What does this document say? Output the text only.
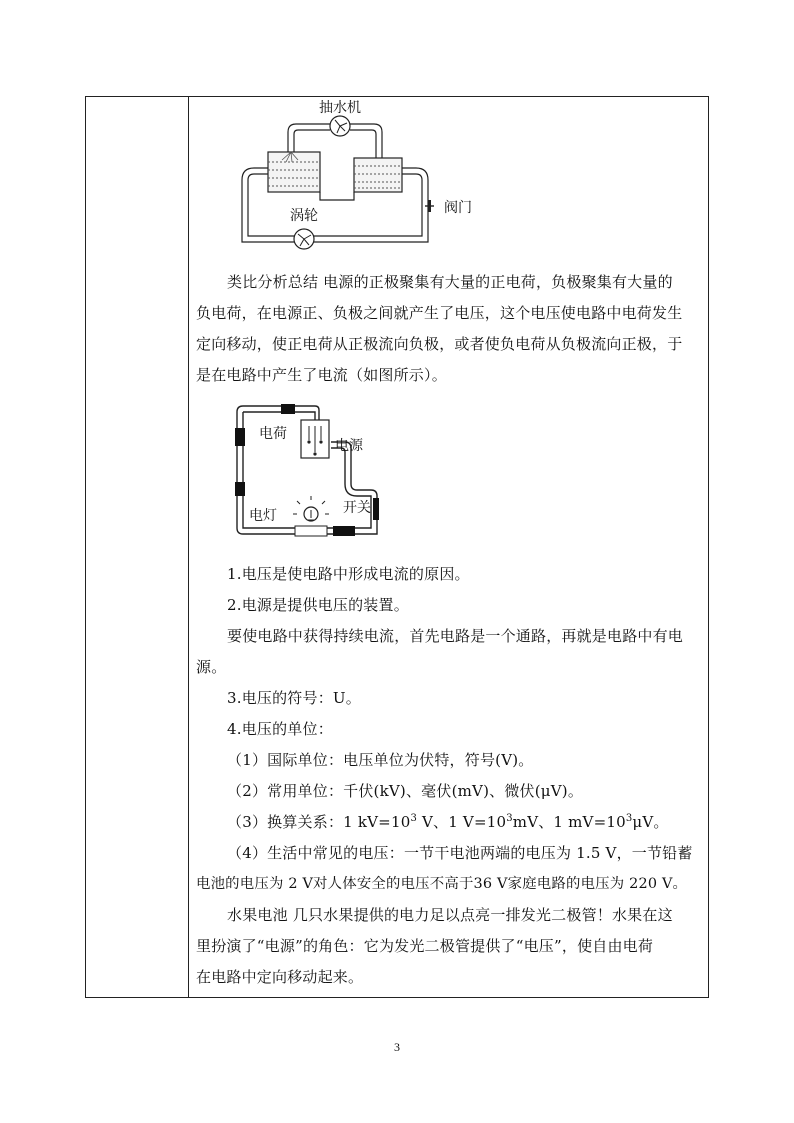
抽水机
涡轮	阀门
类比分析总结 电源的正极聚集有大量的正电荷，负极聚集有大量的
负电荷，在电源正、负极之间就产生了电压，这个电压使电路中电荷发生
定向移动，使正电荷从正极流向负极，或者使负电荷从负极流向正极，于
是在电路中产生了电流（如图所示）。
电荷
电源
电灯	开关
1.电压是使电路中形成电流的原因。
2.电源是提供电压的装置。
要使电路中获得持续电流，首先电路是一个通路，再就是电路中有电
源。
3.电压的符号：U。
4.电压的单位：
（1）国际单位：电压单位为伏特，符号(V)。
（2）常用单位：千伏(kV)、毫伏(mV)、微伏(μV)。
（3）换算关系：1 $kV=10^3$ V、1 $V=10^3mV$、1 $mV=10^3\mu V$。
（4）生活中常见的电压：一节干电池两端的电压为 1.5 V，一节铅蓄
电池的电压为 2 V对人体安全的电压不高于36 V家庭电路的电压为 220 V。
水果电池 几只水果提供的电力足以点亮一排发光二极管！水果在这
里扮演了“电源”的角色：它为发光二极管提供了“电压”，使自由电荷
在电路中定向移动起来。
3
